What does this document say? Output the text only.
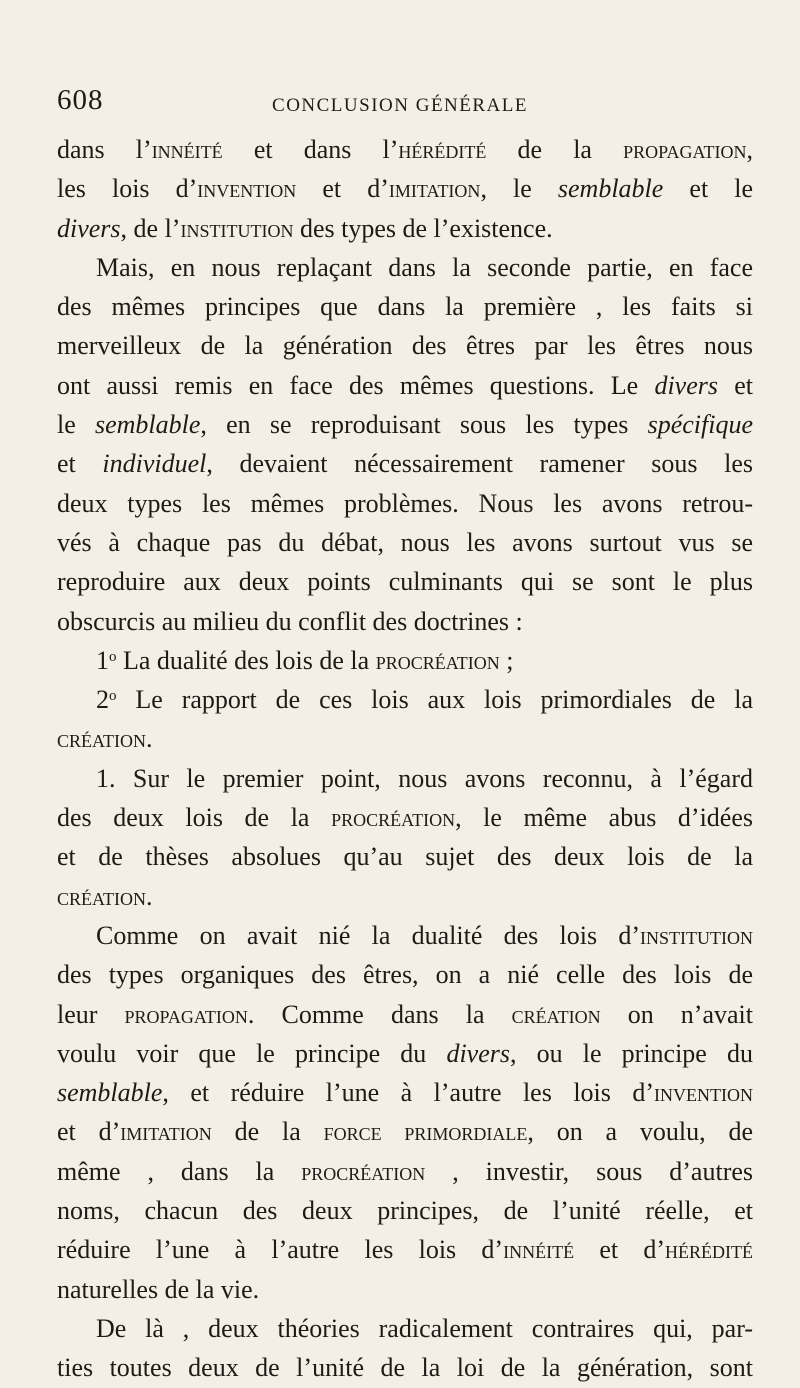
608	CONCLUSION GÉNÉRALE
dans l’innéité et dans l’hérédité de la propagation,
les lois d’invention et d’imitation, le semblable et le
divers, de l’institution des types de l’existence.
Mais, en nous replaçant dans la seconde partie, en face
des mêmes principes que dans la première , les faits si
merveilleux de la génération des êtres par les êtres nous
ont aussi remis en face des mêmes questions. Le divers et
le semblable, en se reproduisant sous les types spécifique
et individuel, devaient nécessairement ramener sous les
deux types les mêmes problèmes. Nous les avons retrou-
vés à chaque pas du débat, nous les avons surtout vus se
reproduire aux deux points culminants qui se sont le plus
obscurcis au milieu du conflit des doctrines :
1$^o$ La dualité des lois de la procréation ;
2$^o$ Le rapport de ces lois aux lois primordiales de la
création.
1. Sur le premier point, nous avons reconnu, à l’égard
des deux lois de la procréation, le même abus d’idées
et de thèses absolues qu’au sujet des deux lois de la
création.
Comme on avait nié la dualité des lois d’institution
des types organiques des êtres, on a nié celle des lois de
leur propagation. Comme dans la création on n’avait
voulu voir que le principe du divers, ou le principe du
semblable, et réduire l’une à l’autre les lois d’invention
et d’imitation de la force primordiale, on a voulu, de
même , dans la procréation , investir, sous d’autres
noms, chacun des deux principes, de l’unité réelle, et
réduire l’une à l’autre les lois d’innéité et d’hérédité
naturelles de la vie.
De là , deux théories radicalement contraires qui, par-
ties toutes deux de l’unité de la loi de la génération, sont
